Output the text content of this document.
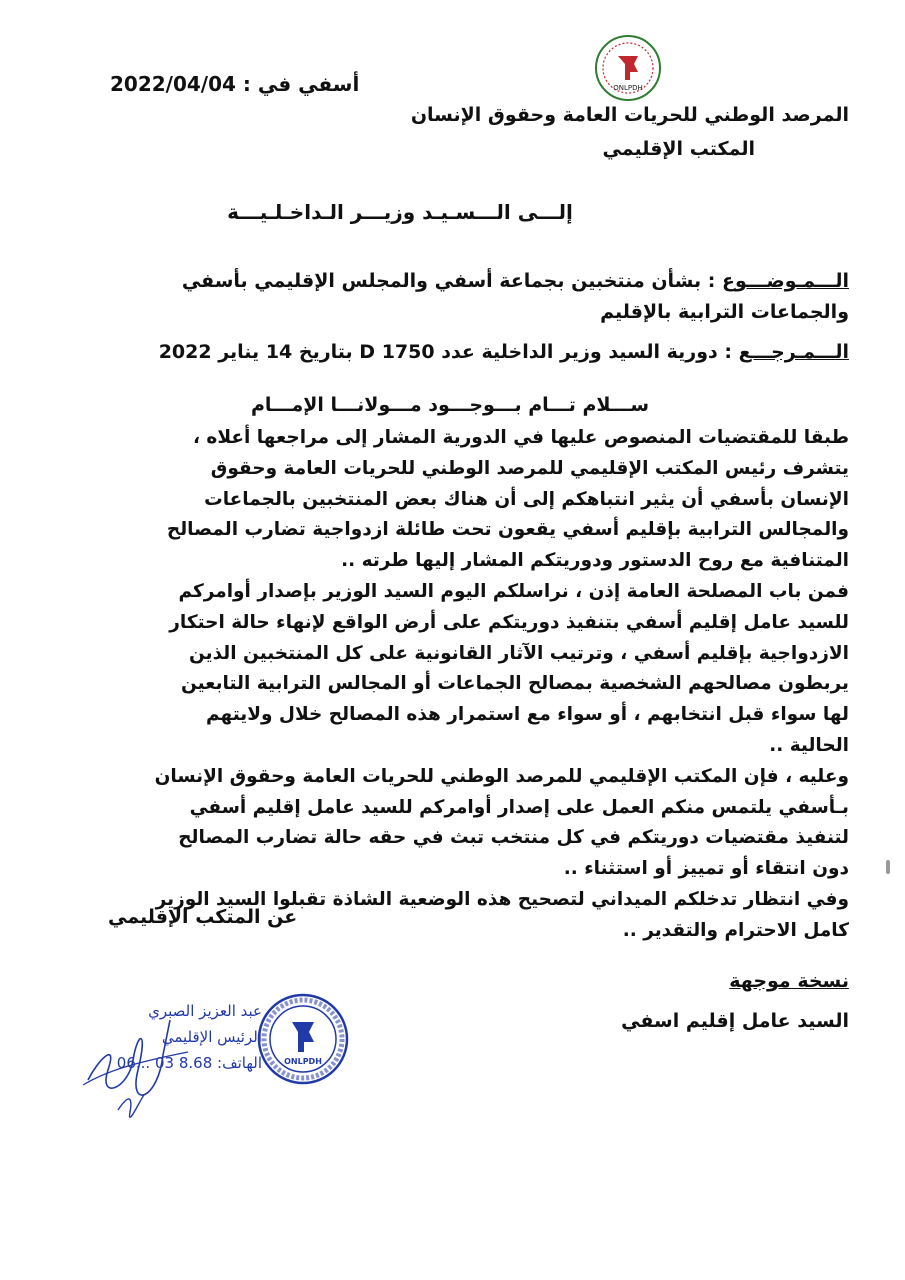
ONLPDH
أسفي في : 2022/04/04
المرصد الوطني للحريات العامة وحقوق الإنسان
المكتب الإقليمي
إلـــى الـــسـيـد وزيـــر الـداخـلـيـــة
الـــمـوضـــوع : بشأن منتخبين بجماعة أسفي والمجلس الإقليمي بأسفي والجماعات الترابية بالإقليم
الـــمـرجـــع : دورية السيد وزير الداخلية عدد 1750 D بتاريخ 14 يناير 2022
ســـلام تـــام بـــوجـــود مـــولانـــا الإمـــام

طبقا للمقتضيات المنصوص عليها في الدورية المشار إلى مراجعها أعلاه ، يتشرف رئيس المكتب الإقليمي للمرصد الوطني للحريات العامة وحقوق الإنسان بأسفي أن يثير انتباهكم إلى أن هناك بعض المنتخبين بالجماعات والمجالس الترابية بإقليم أسفي يقعون تحت طائلة ازدواجية تضارب المصالح المتنافية مع روح الدستور ودوريتكم المشار إليها طرته ..

فمن باب المصلحة العامة إذن ، نراسلكم اليوم السيد الوزير بإصدار أوامركم للسيد عامل إقليم أسفي بتنفيذ دوريتكم على أرض الواقع لإنهاء حالة احتكار الازدواجية بإقليم أسفي ، وترتيب الآثار القانونية على كل المنتخبين الذين يربطون مصالحهم الشخصية بمصالح الجماعات أو المجالس الترابية التابعين لها سواء قبل انتخابهم ، أو سواء مع استمرار هذه المصالح خلال ولايتهم الحالية ..

وعليه ، فإن المكتب الإقليمي للمرصد الوطني للحريات العامة وحقوق الإنسان بـأسفي يلتمس منكم العمل على إصدار أوامركم للسيد عامل إقليم أسفي لتنفيذ مقتضيات دوريتكم في كل منتخب تبث في حقه حالة تضارب المصالح دون انتقاء أو تمييز أو استثناء ..

وفي انتظار تدخلكم الميداني لتصحيح هذه الوضعية الشاذة تقبلوا السيد الوزير كامل الاحترام والتقدير ..

عن المتكب الإقليمي
نسخة موجهة
السيد عامل إقليم اسفي
ONLPDH
عبد العزيز الصبري
الرئيس الإقليمي
الهاتف: 8.68 03 ...06
